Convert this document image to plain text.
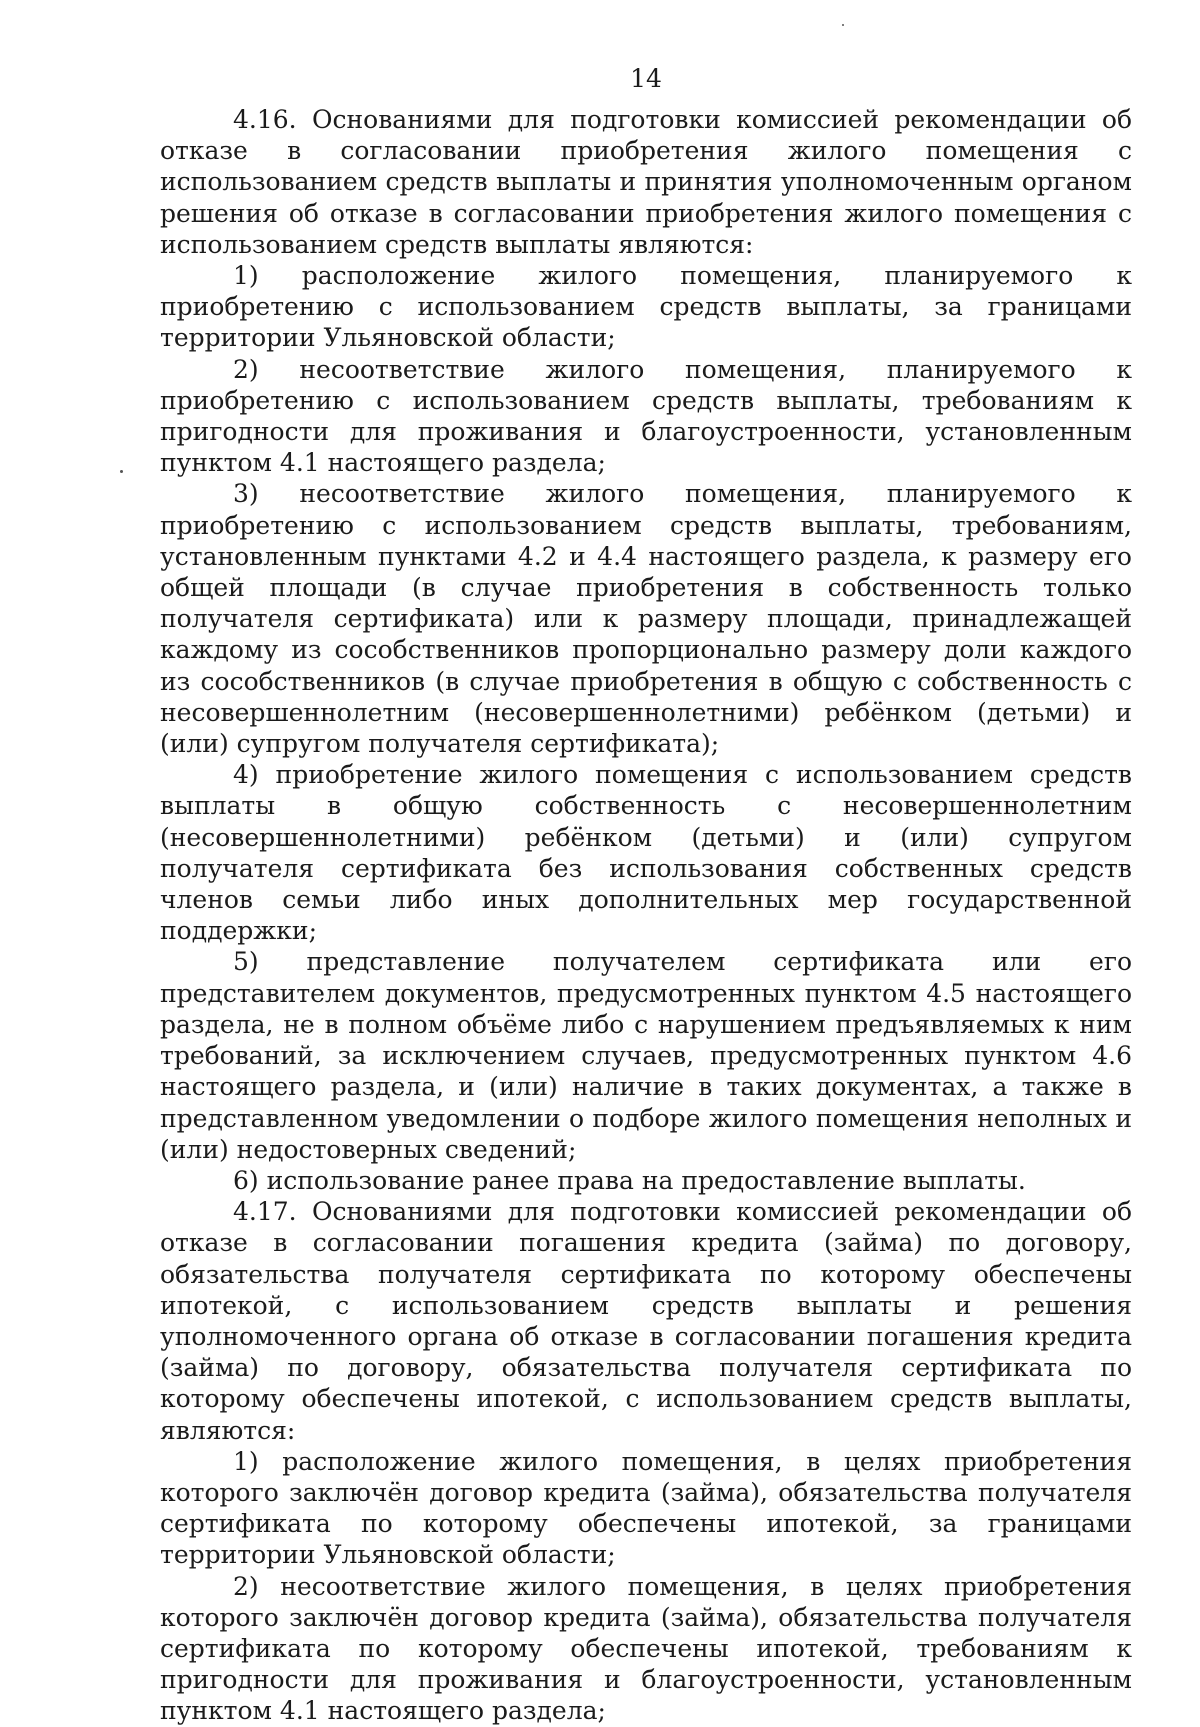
14

4.16. Основаниями для подготовки комиссией рекомендации об отказе в согласовании приобретения жилого помещения с использованием средств выплаты и принятия уполномоченным органом решения об отказе в согласовании приобретения жилого помещения с использованием средств выплаты являются:

1) расположение жилого помещения, планируемого к приобретению с использованием средств выплаты, за границами территории Ульяновской области;

2) несоответствие жилого помещения, планируемого к приобретению с использованием средств выплаты, требованиям к пригодности для проживания и благоустроенности, установленным пунктом 4.1 настоящего раздела;

3) несоответствие жилого помещения, планируемого к приобретению с использованием средств выплаты, требованиям, установленным пунктами 4.2 и 4.4 настоящего раздела, к размеру его общей площади (в случае приобретения в собственность только получателя сертификата) или к размеру площади, принадлежащей каждому из сособственников пропорционально размеру доли каждого из сособственников (в случае приобретения в общую с собственность с несовершеннолетним (несовершеннолетними) ребёнком (детьми) и (или) супругом получателя сертификата);

4) приобретение жилого помещения с использованием средств выплаты в общую собственность с несовершеннолетним (несовершеннолетними) ребёнком (детьми) и (или) супругом получателя сертификата без использования собственных средств членов семьи либо иных дополнительных мер государственной поддержки;

5) представление получателем сертификата или его представителем документов, предусмотренных пунктом 4.5 настоящего раздела, не в полном объёме либо с нарушением предъявляемых к ним требований, за исключением случаев, предусмотренных пунктом 4.6 настоящего раздела, и (или) наличие в таких документах, а также в представленном уведомлении о подборе жилого помещения неполных и (или) недостоверных сведений;

6) использование ранее права на предоставление выплаты.

4.17. Основаниями для подготовки комиссией рекомендации об отказе в согласовании погашения кредита (займа) по договору, обязательства получателя сертификата по которому обеспечены ипотекой, с использованием средств выплаты и решения уполномоченного органа об отказе в согласовании погашения кредита (займа) по договору, обязательства получателя сертификата по которому обеспечены ипотекой, с использованием средств выплаты, являются:

1) расположение жилого помещения, в целях приобретения которого заключён договор кредита (займа), обязательства получателя сертификата по которому обеспечены ипотекой, за границами территории Ульяновской области;

2) несоответствие жилого помещения, в целях приобретения которого заключён договор кредита (займа), обязательства получателя сертификата по которому обеспечены ипотекой, требованиям к пригодности для проживания и благоустроенности, установленным пунктом 4.1 настоящего раздела;
